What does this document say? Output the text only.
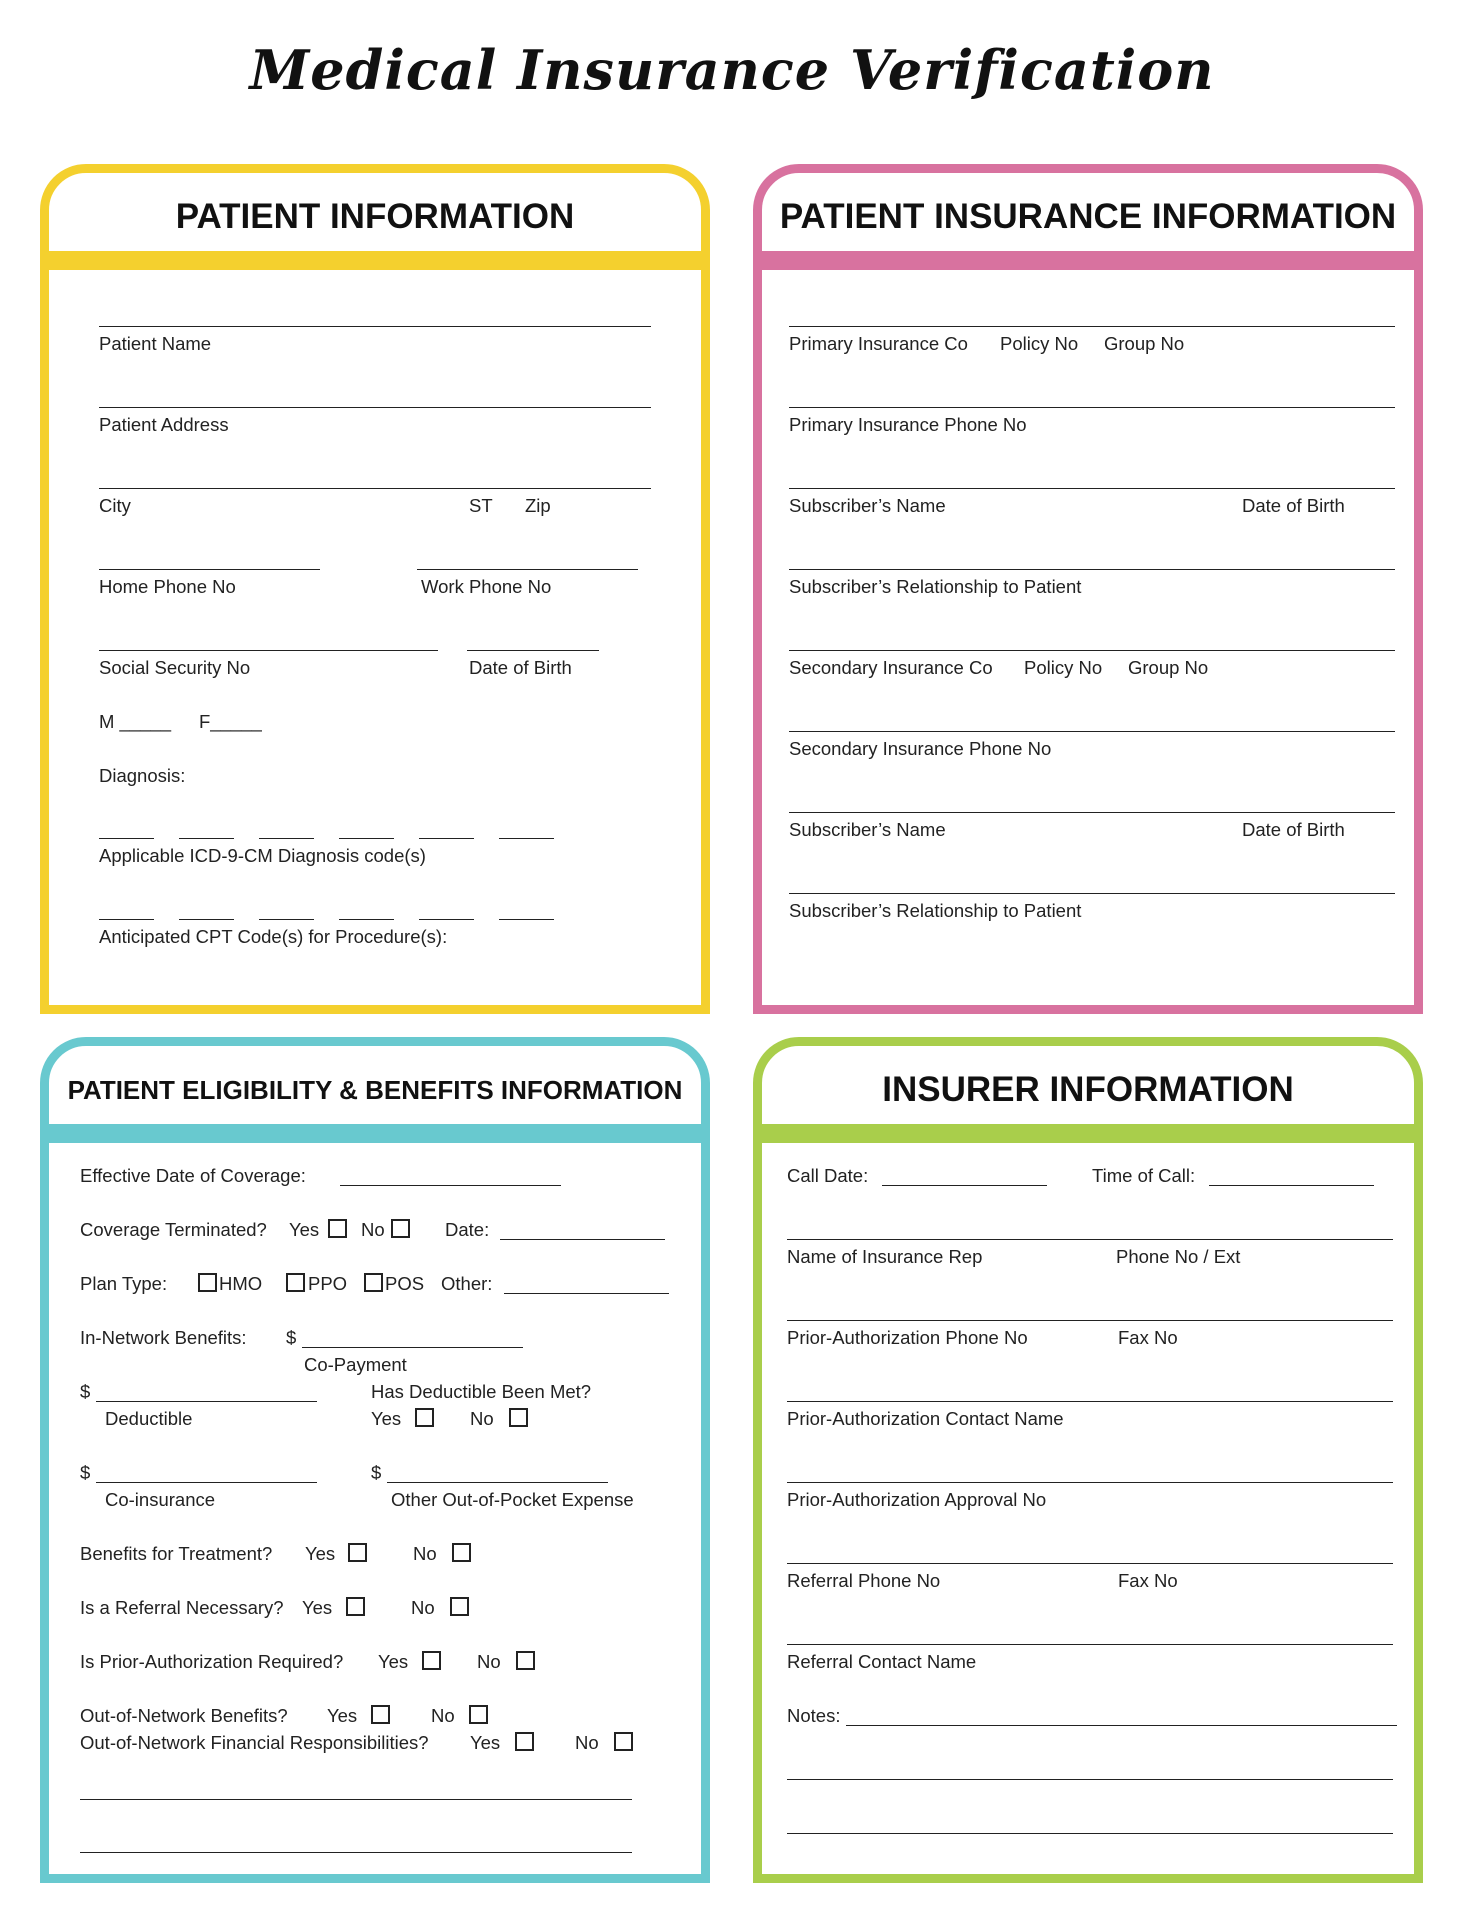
Medical Insurance Verification
PATIENT INFORMATION
Patient Name
Patient Address
City	ST Zip
Home Phone No	Work Phone No
Social Security No	Date of Birth
M _____ F_____
Diagnosis:
Applicable ICD-9-CM Diagnosis code(s)
Anticipated CPT Code(s) for Procedure(s):
PATIENT INSURANCE INFORMATION
Primary Insurance Co Policy No Group No
Primary Insurance Phone No
Subscriber’s Name	Date of Birth
Subscriber’s Relationship to Patient
Secondary Insurance Co Policy No Group No
Secondary Insurance Phone No
Subscriber’s Name	Date of Birth
Subscriber’s Relationship to Patient
PATIENT ELIGIBILITY & BENEFITS INFORMATION
Effective Date of Coverage:
Coverage Terminated? Yes No	Date:
Plan Type:	HMO PPO POS Other:
In-Network Benefits: $
Co-Payment
$
Deductible
Has Deductible Been Met?
Yes	No
$
Co-insurance
$
Other Out-of-Pocket Expense
Benefits for Treatment? Yes	No
Is a Referral Necessary? Yes	No
Is Prior-Authorization Required? Yes	No
Out-of-Network Benefits? Yes	No
Out-of-Network Financial Responsibilities? Yes	No
INSURER INFORMATION
Call Date:	Time of Call:
Name of Insurance Rep	Phone No / Ext
Prior-Authorization Phone No	Fax No
Prior-Authorization Contact Name
Prior-Authorization Approval No
Referral Phone No	Fax No
Referral Contact Name
Notes:
